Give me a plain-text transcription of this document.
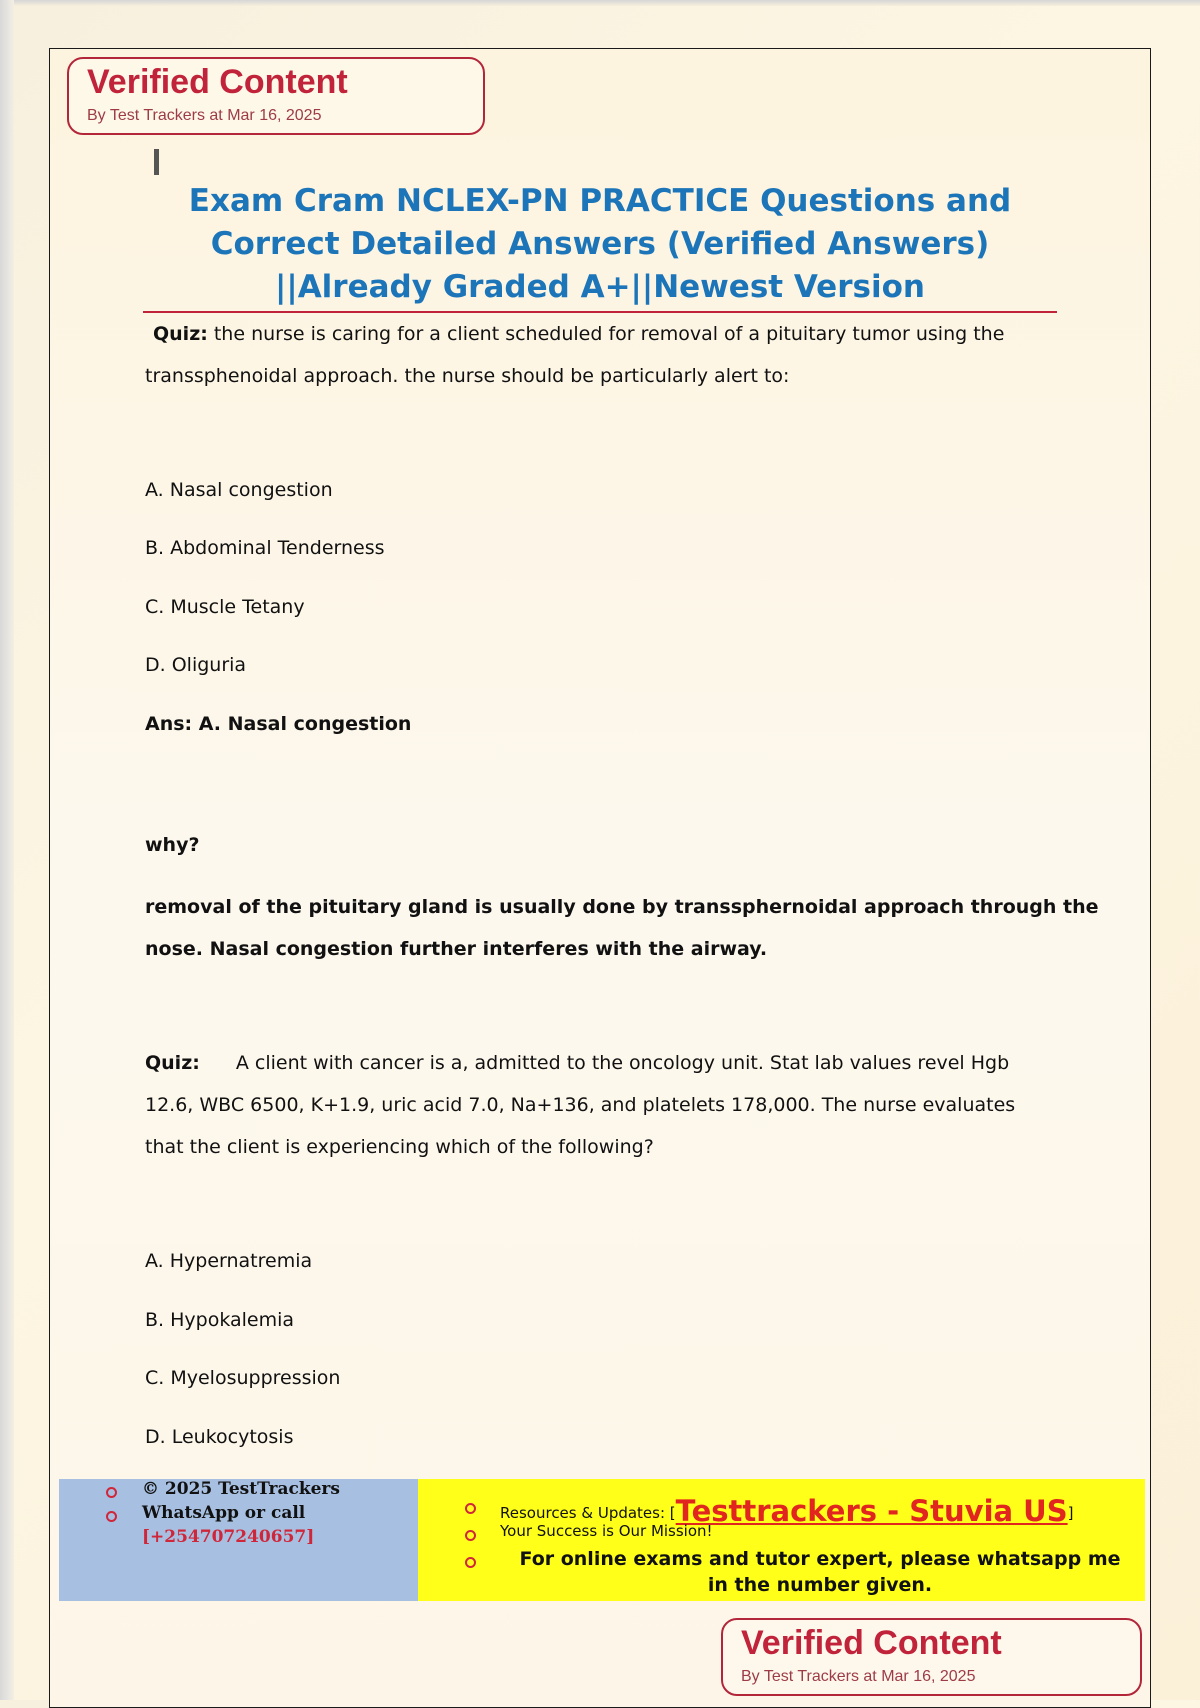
Verified Content
By Test Trackers at Mar 16, 2025
Exam Cram NCLEX-PN PRACTICE Questions and
Correct Detailed Answers (Verified Answers)
||Already Graded A+||Newest Version
Quiz: the nurse is caring for a client scheduled for removal of a pituitary tumor using the
transsphenoidal approach. the nurse should be particularly alert to:
A. Nasal congestion
B. Abdominal Tenderness
C. Muscle Tetany
D. Oliguria
Ans: A. Nasal congestion
why?
removal of the pituitary gland is usually done by transsphernoidal approach through the
nose. Nasal congestion further interferes with the airway.
Quiz: A client with cancer is a, admitted to the oncology unit. Stat lab values revel Hgb
12.6, WBC 6500, K+1.9, uric acid 7.0, Na+136, and platelets 178,000. The nurse evaluates
that the client is experiencing which of the following?
A. Hypernatremia
B. Hypokalemia
C. Myelosuppression
D. Leukocytosis
© 2025 TestTrackers
WhatsApp or call
[+254707240657]
Resources & Updates: [Testtrackers - Stuvia US]
Your Success is Our Mission!
For online exams and tutor expert, please whatsapp me
in the number given.
Verified Content
By Test Trackers at Mar 16, 2025
